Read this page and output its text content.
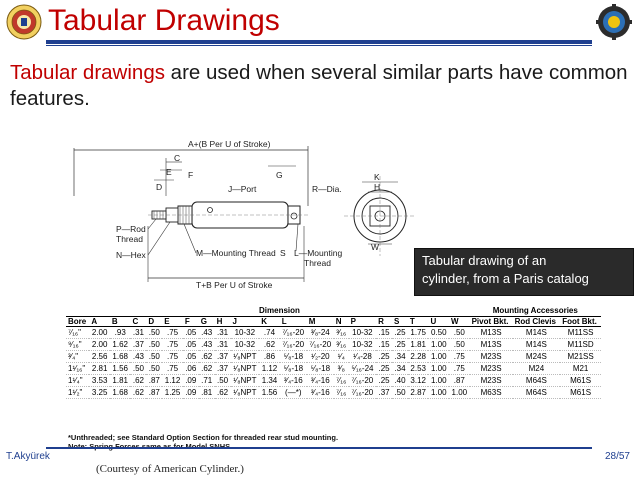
Tabular Drawings
Tabular drawings are used when several similar parts have common features.
A+(B Per U of Stroke)
C
E
D
F
J—Port
G
R—Dia.
P—Rod
Thread
N—Hex	M—Mounting Thread S L—Mounting
Thread
T+B Per U of Stroke
K
H
W
Tabular drawing of an
cylinder, from a Paris catalog
	Dimension																			Mounting Accessories		
Bore	A	B	C	D	E	F	G	H	J	K	L	M	N	P	R	S	T	U	W	Pivot Bkt.	Rod Clevis	Foot Bkt.
⁷⁄₁₆"	2.00	.93	.31	.50	.75	.05	.43	.31	10-32	.74	⁷⁄₁₆-20	³⁄₈-24	³⁄₁₆	10-32	.15	.25	1.75	0.50	.50	M13S	M14S	M11SS
⁹⁄₁₆"	2.00	1.62	.37	.50	.75	.05	.43	.31	10-32	.62	⁷⁄₁₆-20	⁷⁄₁₆-20	³⁄₁₆	10-32	.15	.25	1.81	1.00	.50	M13S	M14S	M11SD
³⁄₄"	2.56	1.68	.43	.50	.75	.05	.62	.37	¹⁄₈NPT	.86	⁵⁄₈-18	¹⁄₂-20	¹⁄₄	¹⁄₄-28	.25	.34	2.28	1.00	.75	M23S	M24S	M21SS
1¹⁄₁₆"	2.81	1.56	.50	.50	.75	.06	.62	.37	¹⁄₈NPT	1.12	⁵⁄₈-18	⁵⁄₈-18	³⁄₈	⁵⁄₁₆-24	.25	.34	2.53	1.00	.75	M23S	M24	M21
1¹⁄₄"	3.53	1.81	.62	.87	1.12	.09	.71	.50	¹⁄₈NPT	1.34	³⁄₄-16	³⁄₄-16	⁷⁄₁₆	⁷⁄₁₆-20	.25	.40	3.12	1.00	.87	M23S	M64S	M61S
1¹⁄₂"	3.25	1.68	.62	.87	1.25	.09	.81	.62	¹⁄₈NPT	1.56	(—*)	³⁄₄-16	⁷⁄₁₆	⁷⁄₁₆-20	.37	.50	2.87	1.00	1.00	M63S	M64S	M61S
*Unthreaded; see Standard Option Section for threaded rear stud mounting.
T.Akyürek	28/57
(Courtesy of American Cylinder.)
